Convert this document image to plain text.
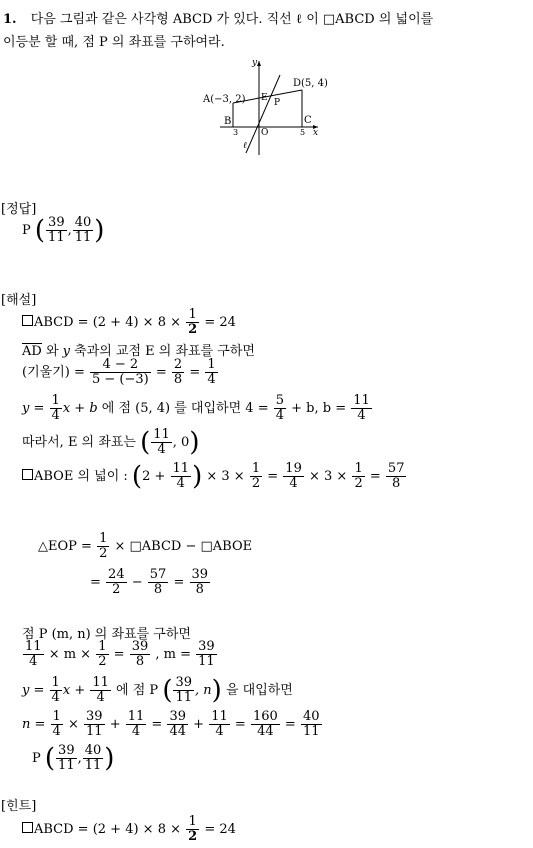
1. 다음 그림과 같은 사각형 ABCD 가 있다. 직선 ℓ 이 □ABCD 의 넓이를
이등분 할 때, 점 P 의 좌표를 구하여라.
A(−3, 2)
D(5, 4)
B	C
E P
O
y
x
ℓ
3	5
[정답]
P ( $\frac{39}{11}$ , $\frac{40}{11}$ )
[해설]
ABCD = $(2 + 4) \times 8 \times \frac{1}{2} = 24$
AD 와 y 축과의 교점 E 의 좌표를 구하면
(기울기) = $\frac{4 - 2}{5 - (-3)} = \frac{2}{8} = \frac{1}{4}$
$y = \frac{1}{4}$ x + b 에 점 (5, 4) 를 대입하면 $4 = \frac{5}{4} + b$, $b = \frac{11}{4}$
따라서, E 의 좌표는 ( $\frac{11}{4}$ , 0)
ABOE 의 넓이 : ($2 + \frac{11}{4}$ ) × $3 \times \frac{1}{2} = \frac{19}{4} \times 3 \times \frac{1}{2} = \frac{57}{8}$
△EOP = $\frac{1}{2}$ × □ABCD − □ABOE
= $\frac{24}{2} - \frac{57}{8} = \frac{39}{8}$
점 P (m, n) 의 좌표를 구하면
$\frac{11}{4} \times m \times \frac{1}{2} = \frac{39}{8}$ , $m = \frac{39}{11}$
$y = \frac{1}{4}$ $x + \frac{11}{4}$ 에 점 P ( $\frac{39}{11}$ , n) 을 대입하면
$n = \frac{1}{4} \times \frac{39}{11} + \frac{11}{4} = \frac{39}{44} + \frac{11}{4} = \frac{160}{44} = \frac{40}{11}$
P ( $\frac{39}{11}$ , $\frac{40}{11}$ )
[힌트]
ABCD = $(2 + 4) \times 8 \times \frac{1}{2} = 24$
